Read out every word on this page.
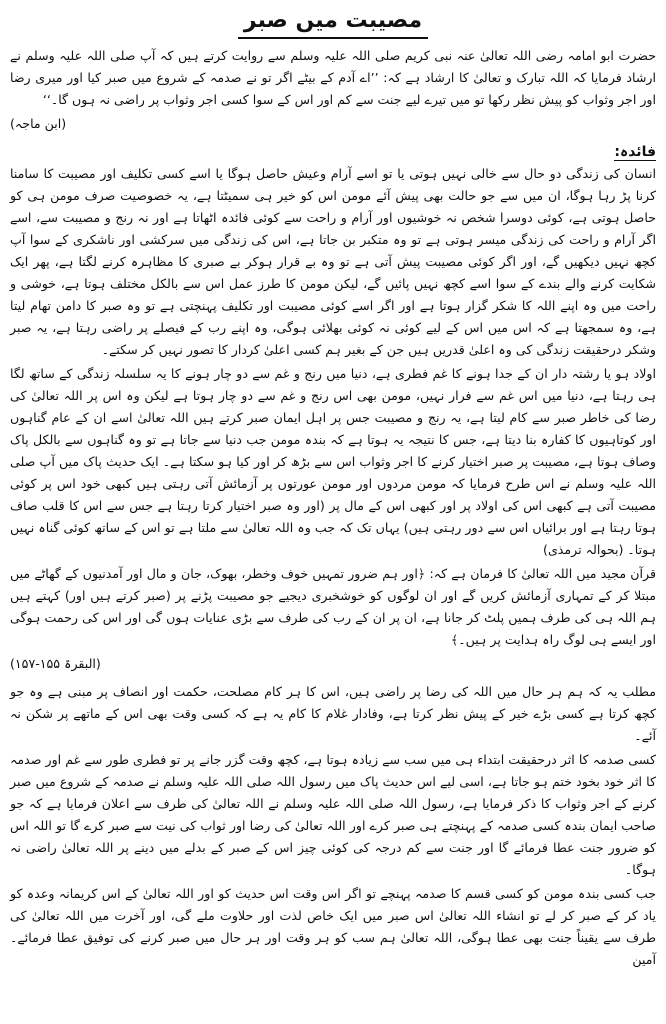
مصیبت میں صبر

حضرت ابو امامہ رضی اللہ تعالیٰ عنہ نبی کریم صلی اللہ علیہ وسلم سے روایت کرتے ہیں کہ آپ صلی اللہ علیہ وسلم نے ارشاد فرمایا کہ اللہ تبارک و تعالیٰ کا ارشاد ہے کہ: ’’اے آدم کے بیٹے اگر تو نے صدمہ کے شروع میں صبر کیا اور میری رضا اور اجر وثواب کو پیش نظر رکھا تو میں تیرے لیے جنت سے کم اور اس کے سوا کسی اجر وثواب پر راضی نہ ہوں گا۔‘‘

(ابن ماجہ)
فائدہ:

انسان کی زندگی دو حال سے خالی نہیں ہوتی یا تو اسے آرام وعیش حاصل ہوگا یا اسے کسی تکلیف اور مصیبت کا سامنا کرنا پڑ رہا ہوگا، ان میں سے جو حالت بھی پیش آئے مومن اس کو خیر ہی سمیٹتا ہے، یہ خصوصیت صرف مومن ہی کو حاصل ہوتی ہے، کوئی دوسرا شخص نہ خوشیوں اور آرام و راحت سے کوئی فائدہ اٹھاتا ہے اور نہ رنج و مصیبت سے، اسے اگر آرام و راحت کی زندگی میسر ہوتی ہے تو وہ متکبر بن جاتا ہے، اس کی زندگی میں سرکشی اور ناشکری کے سوا آپ کچھ نہیں دیکھیں گے، اور اگر کوئی مصیبت پیش آتی ہے تو وہ بے قرار ہوکر بے صبری کا مظاہرہ کرنے لگتا ہے، پھر ایک شکایت کرنے والے بندے کے سوا اسے کچھ نہیں پائیں گے، لیکن مومن کا طرز عمل اس سے بالکل مختلف ہوتا ہے، خوشی و راحت میں وہ اپنے اللہ کا شکر گزار ہوتا ہے اور اگر اسے کوئی مصیبت اور تکلیف پہنچتی ہے تو وہ صبر کا دامن تھام لیتا ہے، وہ سمجھتا ہے کہ اس میں اس کے لیے کوئی نہ کوئی بھلائی ہوگی، وہ اپنے رب کے فیصلے پر راضی رہتا ہے، یہ صبر وشکر درحقیقت زندگی کی وہ اعلیٰ قدریں ہیں جن کے بغیر ہم کسی اعلیٰ کردار کا تصور نہیں کر سکتے۔

اولاد ہو یا رشتہ دار ان کے جدا ہونے کا غم فطری ہے، دنیا میں رنج و غم سے دو چار ہونے کا یہ سلسلہ زندگی کے ساتھ لگا ہی رہتا ہے، دنیا میں اس غم سے فرار نہیں، مومن بھی اس رنج و غم سے دو چار ہوتا ہے لیکن وہ اس پر اللہ تعالیٰ کی رضا کی خاطر صبر سے کام لیتا ہے، یہ رنج و مصیبت جس پر اہل ایمان صبر کرتے ہیں اللہ تعالیٰ اسے ان کے عام گناہوں اور کوتاہیوں کا کفارہ بنا دیتا ہے، جس کا نتیجہ یہ ہوتا ہے کہ بندہ مومن جب دنیا سے جاتا ہے تو وہ گناہوں سے بالکل پاک وصاف ہوتا ہے، مصیبت پر صبر اختیار کرنے کا اجر وثواب اس سے بڑھ کر اور کیا ہو سکتا ہے۔ ایک حدیث پاک میں آپ صلی اللہ علیہ وسلم نے اس طرح فرمایا کہ مومن مردوں اور مومن عورتوں پر آزمائش آتی رہتی ہیں کبھی خود اس پر کوئی مصیبت آتی ہے کبھی اس کی اولاد پر اور کبھی اس کے مال پر (اور وہ صبر اختیار کرتا رہتا ہے جس سے اس کا قلب صاف ہوتا رہتا ہے اور برائیاں اس سے دور رہتی ہیں) یہاں تک کہ جب وہ اللہ تعالیٰ سے ملتا ہے تو اس کے ساتھ کوئی گناہ نہیں ہوتا۔ (بحوالہ ترمذی)

قرآن مجید میں اللہ تعالیٰ کا فرمان ہے کہ: ﴿اور ہم ضرور تمہیں خوف وخطر، بھوک، جان و مال اور آمدنیوں کے گھاٹے میں مبتلا کر کے تمہاری آزمائش کریں گے اور ان لوگوں کو خوشخبری دیجیے جو مصیبت پڑنے پر (صبر کرتے ہیں اور) کہتے ہیں ہم اللہ ہی کی طرف ہمیں پلٹ کر جانا ہے، ان پر ان کے رب کی طرف سے بڑی عنایات ہوں گی اور اس کی رحمت ہوگی اور ایسے ہی لوگ راہ ہدایت پر ہیں۔﴾

(البقرۃ ۱۵۵-۱۵۷)

مطلب یہ کہ ہم ہر حال میں اللہ کی رضا پر راضی ہیں، اس کا ہر کام مصلحت، حکمت اور انصاف پر مبنی ہے وہ جو کچھ کرتا ہے کسی بڑے خیر کے پیش نظر کرتا ہے، وفادار غلام کا کام یہ ہے کہ کسی وقت بھی اس کے ماتھے پر شکن نہ آئے۔

کسی صدمہ کا اثر درحقیقت ابتداء ہی میں سب سے زیادہ ہوتا ہے، کچھ وقت گزر جانے پر تو فطری طور سے غم اور صدمہ کا اثر خود بخود ختم ہو جاتا ہے، اسی لیے اس حدیث پاک میں رسول اللہ صلی اللہ علیہ وسلم نے صدمہ کے شروع میں صبر کرنے کے اجر وثواب کا ذکر فرمایا ہے، رسول اللہ صلی اللہ علیہ وسلم نے اللہ تعالیٰ کی طرف سے اعلان فرمایا ہے کہ جو صاحب ایمان بندہ کسی صدمہ کے پہنچتے ہی صبر کرے اور اللہ تعالیٰ کی رضا اور ثواب کی نیت سے صبر کرے گا تو اللہ اس کو ضرور جنت عطا فرمائے گا اور جنت سے کم درجہ کی کوئی چیز اس کے صبر کے بدلے میں دینے پر اللہ تعالیٰ راضی نہ ہوگا۔

جب کسی بندہ مومن کو کسی قسم کا صدمہ پہنچے تو اگر اس وقت اس حدیث کو اور اللہ تعالیٰ کے اس کریمانہ وعدہ کو یاد کر کے صبر کر لے تو انشاء اللہ تعالیٰ اس صبر میں ایک خاص لذت اور حلاوت ملے گی، اور آخرت میں اللہ تعالیٰ کی طرف سے یقیناً جنت بھی عطا ہوگی، اللہ تعالیٰ ہم سب کو ہر وقت اور ہر حال میں صبر کرنے کی توفیق عطا فرمائے۔ آمین
